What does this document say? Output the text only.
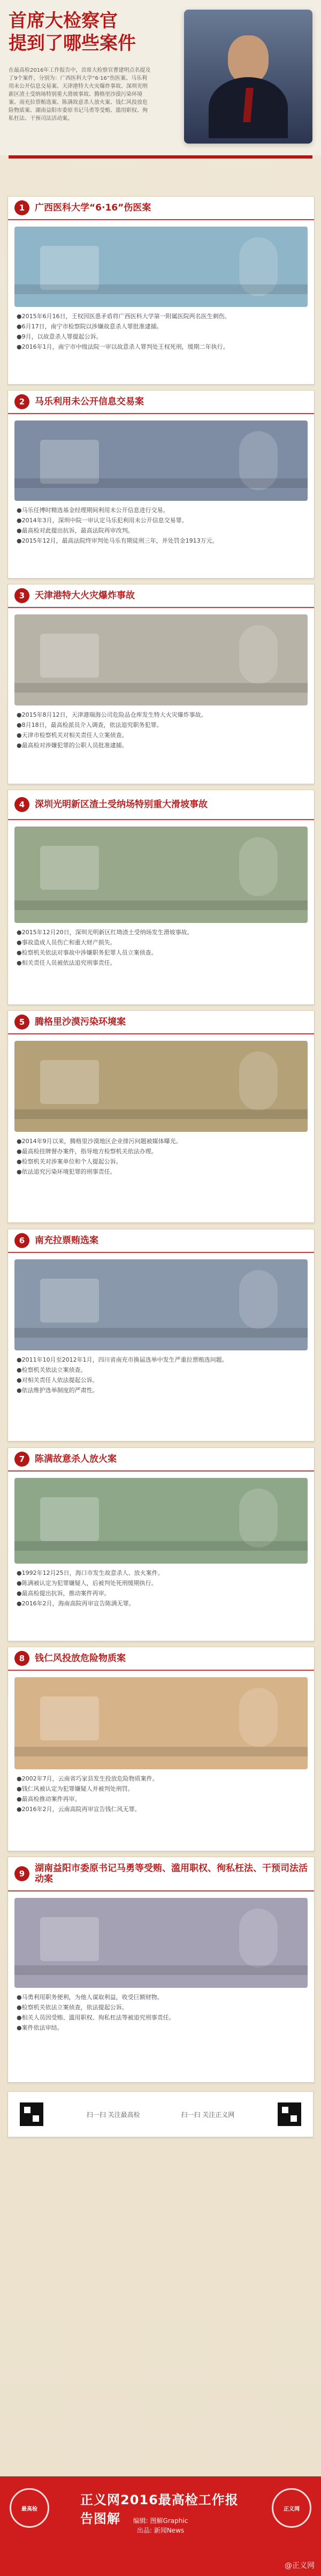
首席大检察官
提到了哪些案件
在最高检2016年工作报告中，首席大检察官曹建明点名提及了9个案件，分别为：广西医科大学“6·16”伤医案、马乐利用未公开信息交易案、天津港特大火灾爆炸事故、深圳光明新区渣土受纳场特别重大滑坡事故、腾格里沙漠污染环境案、南充拉票贿选案、陈满故意杀人放火案、钱仁风投放危险物质案、湖南益阳市委原书记马勇等受贿、滥用职权、徇私枉法、干预司法活动案。
1	广西医科大学“6·16”伤医案

●2015年6月16日，王权因医患矛盾将广西医科大学第一附属医院两名医生刺伤。

●6月17日，南宁市检察院以涉嫌故意杀人罪批准逮捕。

●9月，以故意杀人罪提起公诉。

●2016年1月，南宁市中级法院一审以故意杀人罪判处王权死刑，缓期二年执行。

2	马乐利用未公开信息交易案

●马乐任博时精选基金经理期间利用未公开信息进行交易。

●2014年3月，深圳中院一审认定马乐犯利用未公开信息交易罪。

●最高检对此提出抗诉，最高法院再审改判。

●2015年12月，最高法院终审判处马乐有期徒刑三年，并处罚金1913万元。

3	天津港特大火灾爆炸事故

●2015年8月12日，天津港瑞海公司危险品仓库发生特大火灾爆炸事故。

●8月18日，最高检派员介入调查，依法追究职务犯罪。

●天津市检察机关对相关责任人立案侦查。

●最高检对涉嫌犯罪的公职人员批准逮捕。

4	深圳光明新区渣土受纳场特别重大滑坡事故

●2015年12月20日，深圳光明新区红坳渣土受纳场发生滑坡事故。

●事故造成人员伤亡和重大财产损失。

●检察机关依法对事故中涉嫌职务犯罪人员立案侦查。

●相关责任人员被依法追究刑事责任。

5	腾格里沙漠污染环境案

●2014年9月以来，腾格里沙漠地区企业排污问题被媒体曝光。

●最高检挂牌督办案件，指导地方检察机关依法办理。

●检察机关对涉案单位和个人提起公诉。

●依法追究污染环境犯罪的刑事责任。

6	南充拉票贿选案

●2011年10月至2012年1月，四川省南充市换届选举中发生严重拉票贿选问题。

●检察机关依法立案侦查。

●对相关责任人依法提起公诉。

●依法维护选举制度的严肃性。

7	陈满故意杀人放火案

●1992年12月25日，海口市发生故意杀人、放火案件。

●陈满被认定为犯罪嫌疑人，后被判处死刑缓期执行。

●最高检提出抗诉，推动案件再审。

●2016年2月，海南高院再审宣告陈满无罪。

8	钱仁风投放危险物质案

●2002年7月，云南省巧家县发生投放危险物质案件。

●钱仁风被认定为犯罪嫌疑人并被判处刑罚。

●最高检推动案件再审。

●2016年2月，云南高院再审宣告钱仁风无罪。

9	湖南益阳市委原书记马勇等受贿、滥用职权、徇私枉法、干预司法活动案

●马勇利用职务便利，为他人谋取利益，收受巨额财物。

●检察机关依法立案侦查，依法提起公诉。

●相关人员因受贿、滥用职权、徇私枉法等被追究刑事责任。

●案件依法审结。

扫一扫 关注最高检	扫一扫 关注正义网
最高检	正义网
正义网2016最高检工作报告图解	编辑: 图解Graphic
出品: 新闻News
@正义网
